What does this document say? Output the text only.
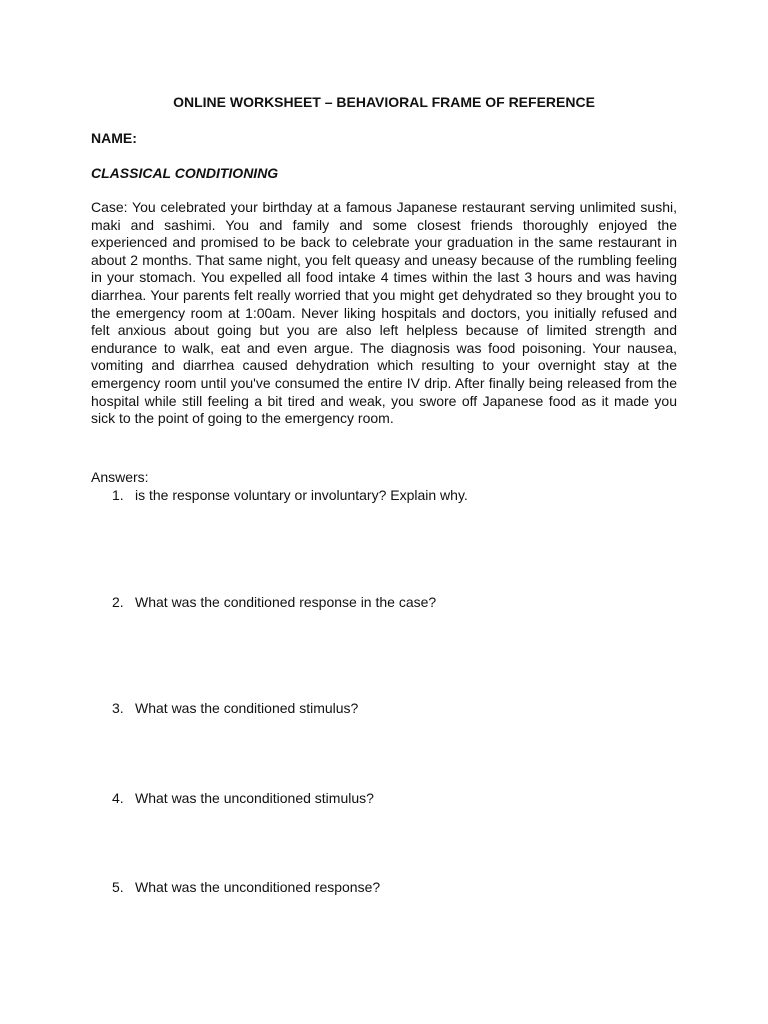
ONLINE WORKSHEET – BEHAVIORAL FRAME OF REFERENCE
NAME:
CLASSICAL CONDITIONING

Case: You celebrated your birthday at a famous Japanese restaurant serving unlimited sushi, maki and sashimi. You and family and some closest friends thoroughly enjoyed the experienced and promised to be back to celebrate your graduation in the same restaurant in about 2 months. That same night, you felt queasy and uneasy because of the rumbling feeling in your stomach. You expelled all food intake 4 times within the last 3 hours and was having diarrhea. Your parents felt really worried that you might get dehydrated so they brought you to the emergency room at 1:00am. Never liking hospitals and doctors, you initially refused and felt anxious about going but you are also left helpless because of limited strength and endurance to walk, eat and even argue. The diagnosis was food poisoning. Your nausea, vomiting and diarrhea caused dehydration which resulting to your overnight stay at the emergency room until you've consumed the entire IV drip. After finally being released from the hospital while still feeling a bit tired and weak, you swore off Japanese food as it made you sick to the point of going to the emergency room.

Answers:
1. is the response voluntary or involuntary? Explain why.
2. What was the conditioned response in the case?
3. What was the conditioned stimulus?
4. What was the unconditioned stimulus?
5. What was the unconditioned response?
